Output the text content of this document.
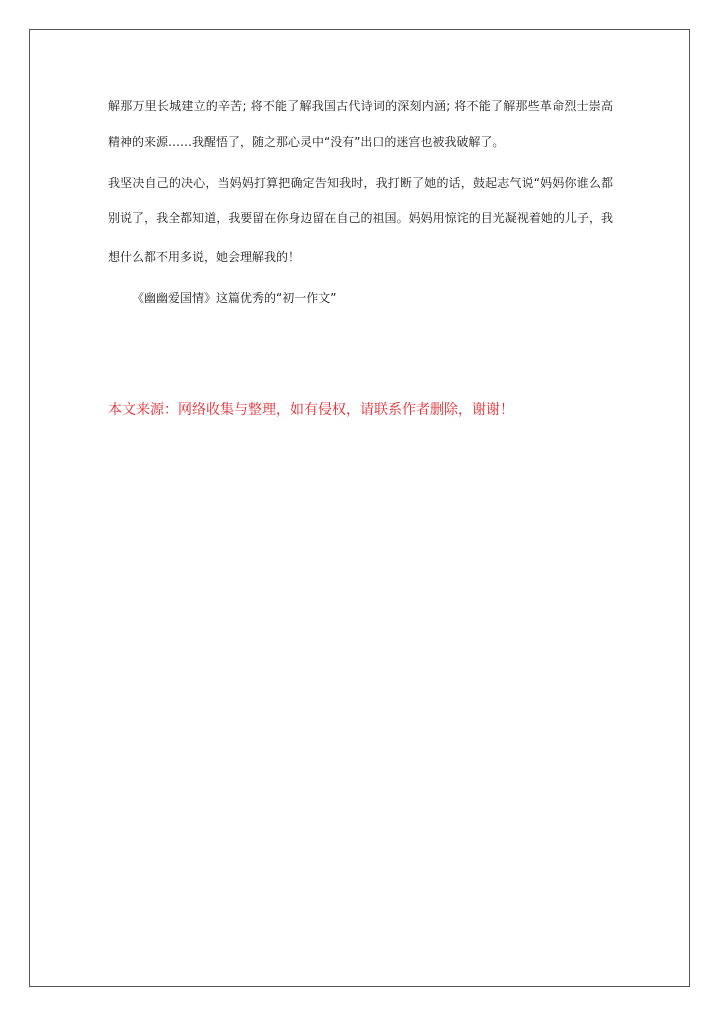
解那万里长城建立的辛苦; 将不能了解我国古代诗词的深刻内涵; 将不能了解那些革命烈士崇高
精神的来源……我醒悟了，随之那心灵中“没有”出口的迷宫也被我破解了。
我坚决自己的决心，当妈妈打算把确定告知我时，我打断了她的话，鼓起志气说“妈妈你谁么都
别说了，我全都知道，我要留在你身边留在自己的祖国。妈妈用惊诧的目光凝视着她的儿子，我
想什么都不用多说，她会理解我的！
《幽幽爱国情》这篇优秀的“初一作文”
本文来源：网络收集与整理，如有侵权，请联系作者删除，谢谢！
